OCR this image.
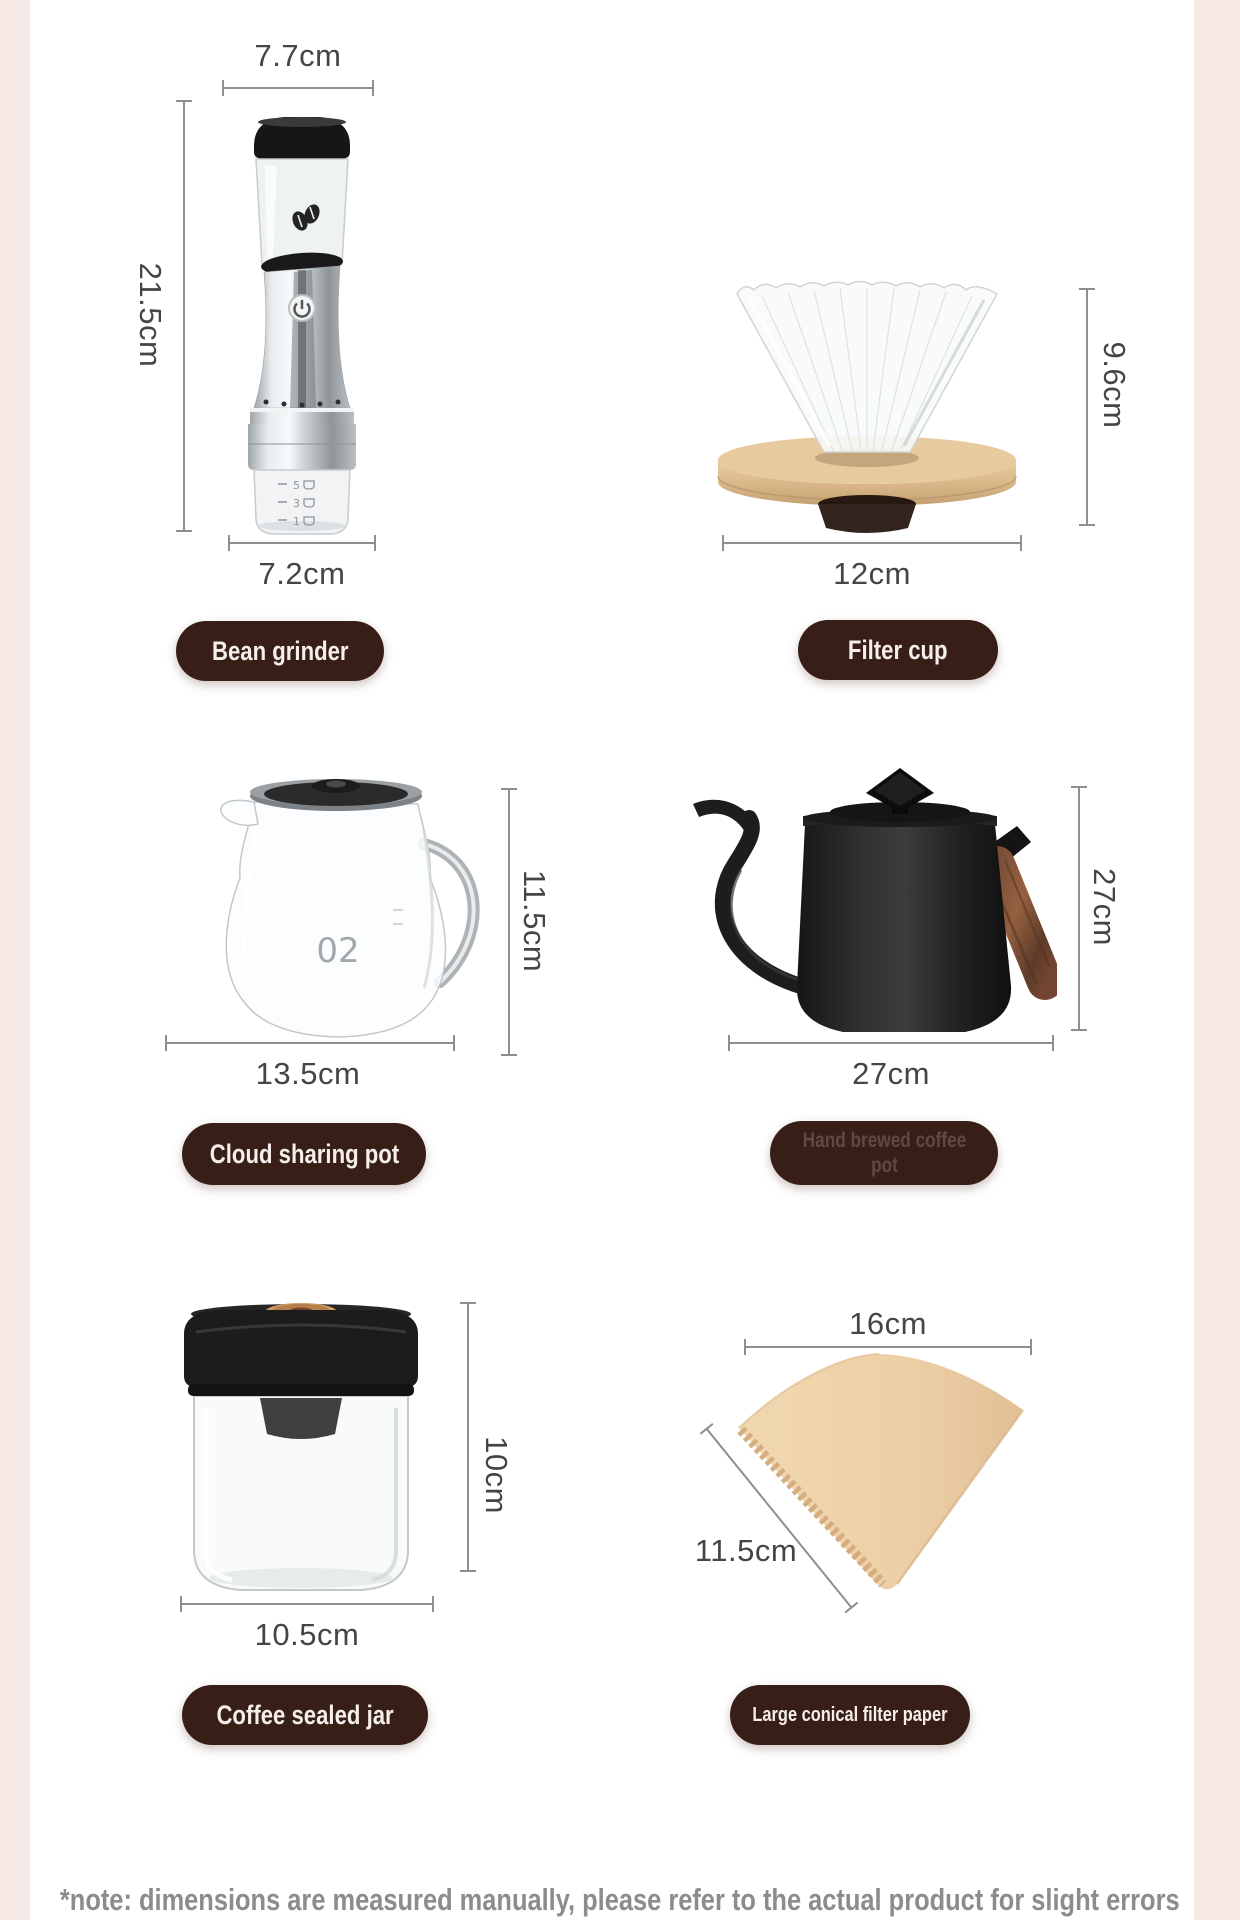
7.7cm
21.5cm
5
3
1
7.2cm
Bean grinder
9.6cm
12cm
Filter cup
02	11.5cm
13.5cm
Cloud sharing pot
27cm
27cm
Hand brewed coffee pot
10cm
10.5cm
Coffee sealed jar
16cm
11.5cm
Large conical filter paper
*note: dimensions are measured manually, please refer to the actual product for slight errors
